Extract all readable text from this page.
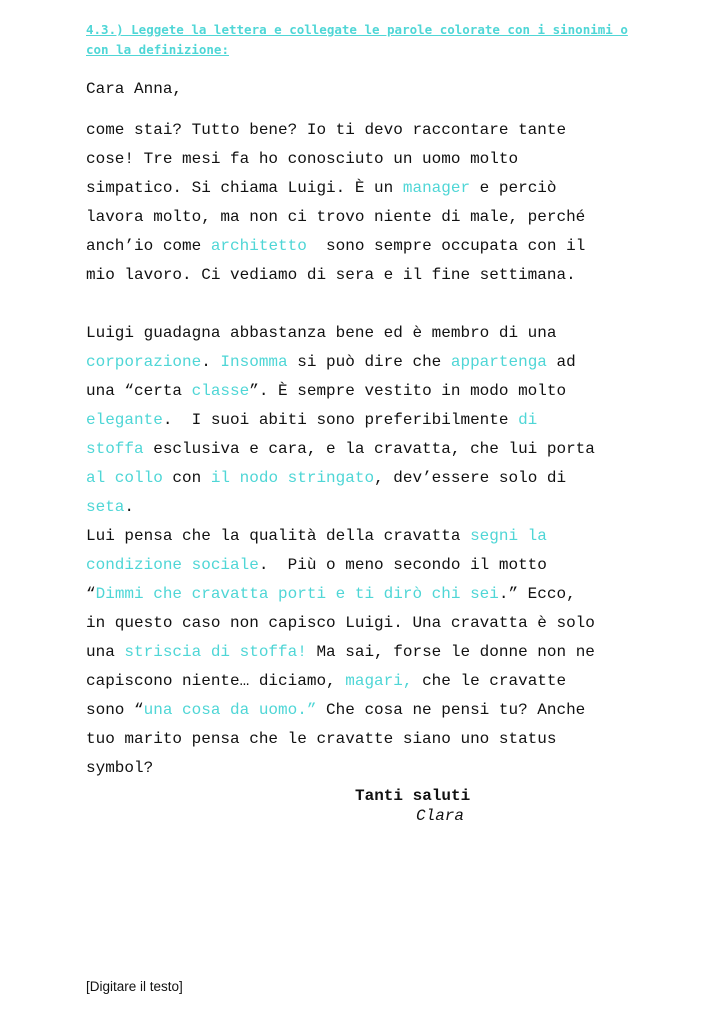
4.3.) Leggete la lettera e collegate le parole colorate con i sinonimi o con la definizione:
Cara Anna,
come stai? Tutto bene? Io ti devo raccontare tante
cose! Tre mesi fa ho conosciuto un uomo molto
simpatico. Si chiama Luigi. È un manager e perciò
lavora molto, ma non ci trovo niente di male, perché
anch’io come architetto  sono sempre occupata con il
mio lavoro. Ci vediamo di sera e il fine settimana.
Luigi guadagna abbastanza bene ed è membro di una
corporazione. Insomma si può dire che appartenga ad
una “certa classe”. È sempre vestito in modo molto
elegante.  I suoi abiti sono preferibilmente di
stoffa esclusiva e cara, e la cravatta, che lui porta
al collo con il nodo stringato, dev’essere solo di
seta.
Lui pensa che la qualità della cravatta segni la
condizione sociale.  Più o meno secondo il motto
“Dimmi che cravatta porti e ti dirò chi sei.” Ecco,
in questo caso non capisco Luigi. Una cravatta è solo
una striscia di stoffa! Ma sai, forse le donne non ne
capiscono niente… diciamo, magari, che le cravatte
sono “una cosa da uomo.” Che cosa ne pensi tu? Anche
tuo marito pensa che le cravatte siano uno status
symbol?
Tanti saluti
Clara
[Digitare il testo]
